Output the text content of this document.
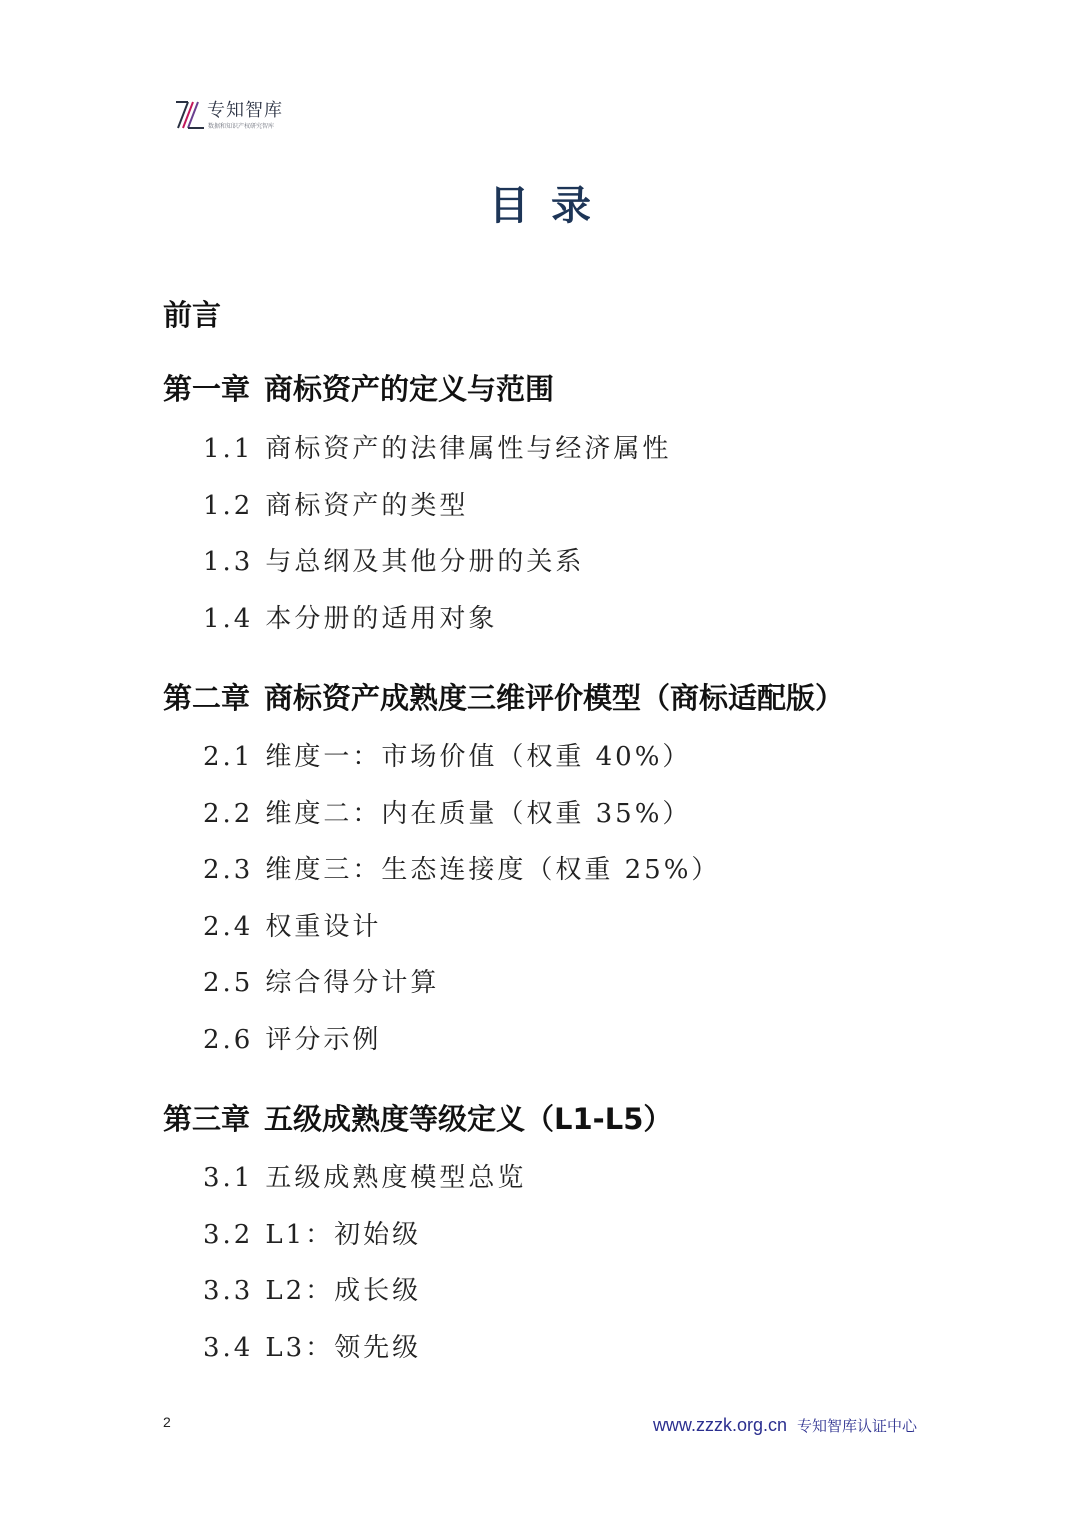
专知智库
数据和知识产权研究智库
目录
前言
第一章 商标资产的定义与范围
1.1 商标资产的法律属性与经济属性
1.2 商标资产的类型
1.3 与总纲及其他分册的关系
1.4 本分册的适用对象
第二章 商标资产成熟度三维评价模型（商标适配版）
2.1 维度一：市场价值（权重 40%）
2.2 维度二：内在质量（权重 35%）
2.3 维度三：生态连接度（权重 25%）
2.4 权重设计
2.5 综合得分计算
2.6 评分示例
第三章 五级成熟度等级定义（L1-L5）
3.1 五级成熟度模型总览
3.2 L1：初始级
3.3 L2：成长级
3.4 L3：领先级
2	www.zzzk.org.cn 专知智库认证中心
